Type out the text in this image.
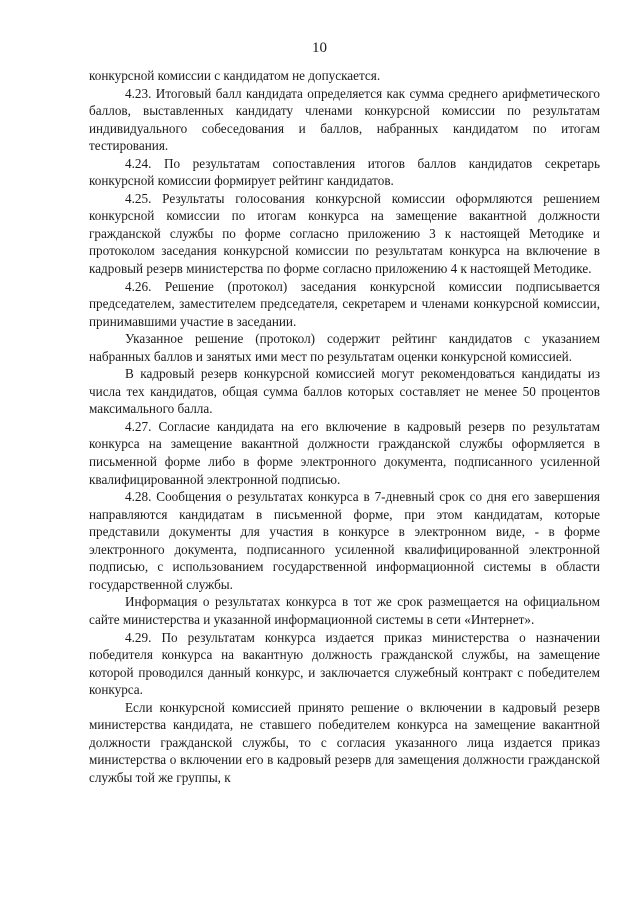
10

конкурсной комиссии с кандидатом не допускается.

4.23. Итоговый балл кандидата определяется как сумма среднего арифметического баллов, выставленных кандидату членами конкурсной комиссии по результатам индивидуального собеседования и баллов, набранных кандидатом по итогам тестирования.

4.24. По результатам сопоставления итогов баллов кандидатов секретарь конкурсной комиссии формирует рейтинг кандидатов.

4.25. Результаты голосования конкурсной комиссии оформляются решением конкурсной комиссии по итогам конкурса на замещение вакантной должности гражданской службы по форме согласно приложению 3 к настоящей Методике и протоколом заседания конкурсной комиссии по результатам конкурса на включение в кадровый резерв министерства по форме согласно приложению 4 к настоящей Методике.

4.26. Решение (протокол) заседания конкурсной комиссии подписывается председателем, заместителем председателя, секретарем и членами конкурсной комиссии, принимавшими участие в заседании.

Указанное решение (протокол) содержит рейтинг кандидатов с указанием набранных баллов и занятых ими мест по результатам оценки конкурсной комиссией.

В кадровый резерв конкурсной комиссией могут рекомендоваться кандидаты из числа тех кандидатов, общая сумма баллов которых составляет не менее 50 процентов максимального балла.

4.27. Согласие кандидата на его включение в кадровый резерв по результатам конкурса на замещение вакантной должности гражданской службы оформляется в письменной форме либо в форме электронного документа, подписанного усиленной квалифицированной электронной подписью.

4.28. Сообщения о результатах конкурса в 7-дневный срок со дня его завершения направляются кандидатам в письменной форме, при этом кандидатам, которые представили документы для участия в конкурсе в электронном виде, - в форме электронного документа, подписанного усиленной квалифицированной электронной подписью, с использованием государственной информационной системы в области государственной службы.

Информация о результатах конкурса в тот же срок размещается на официальном сайте министерства и указанной информационной системы в сети «Интернет».

4.29. По результатам конкурса издается приказ министерства о назначении победителя конкурса на вакантную должность гражданской службы, на замещение которой проводился данный конкурс, и заключается служебный контракт с победителем конкурса.

Если конкурсной комиссией принято решение о включении в кадровый резерв министерства кандидата, не ставшего победителем конкурса на замещение вакантной должности гражданской службы, то с согласия указанного лица издается приказ министерства о включении его в кадровый резерв для замещения должности гражданской службы той же группы, к
